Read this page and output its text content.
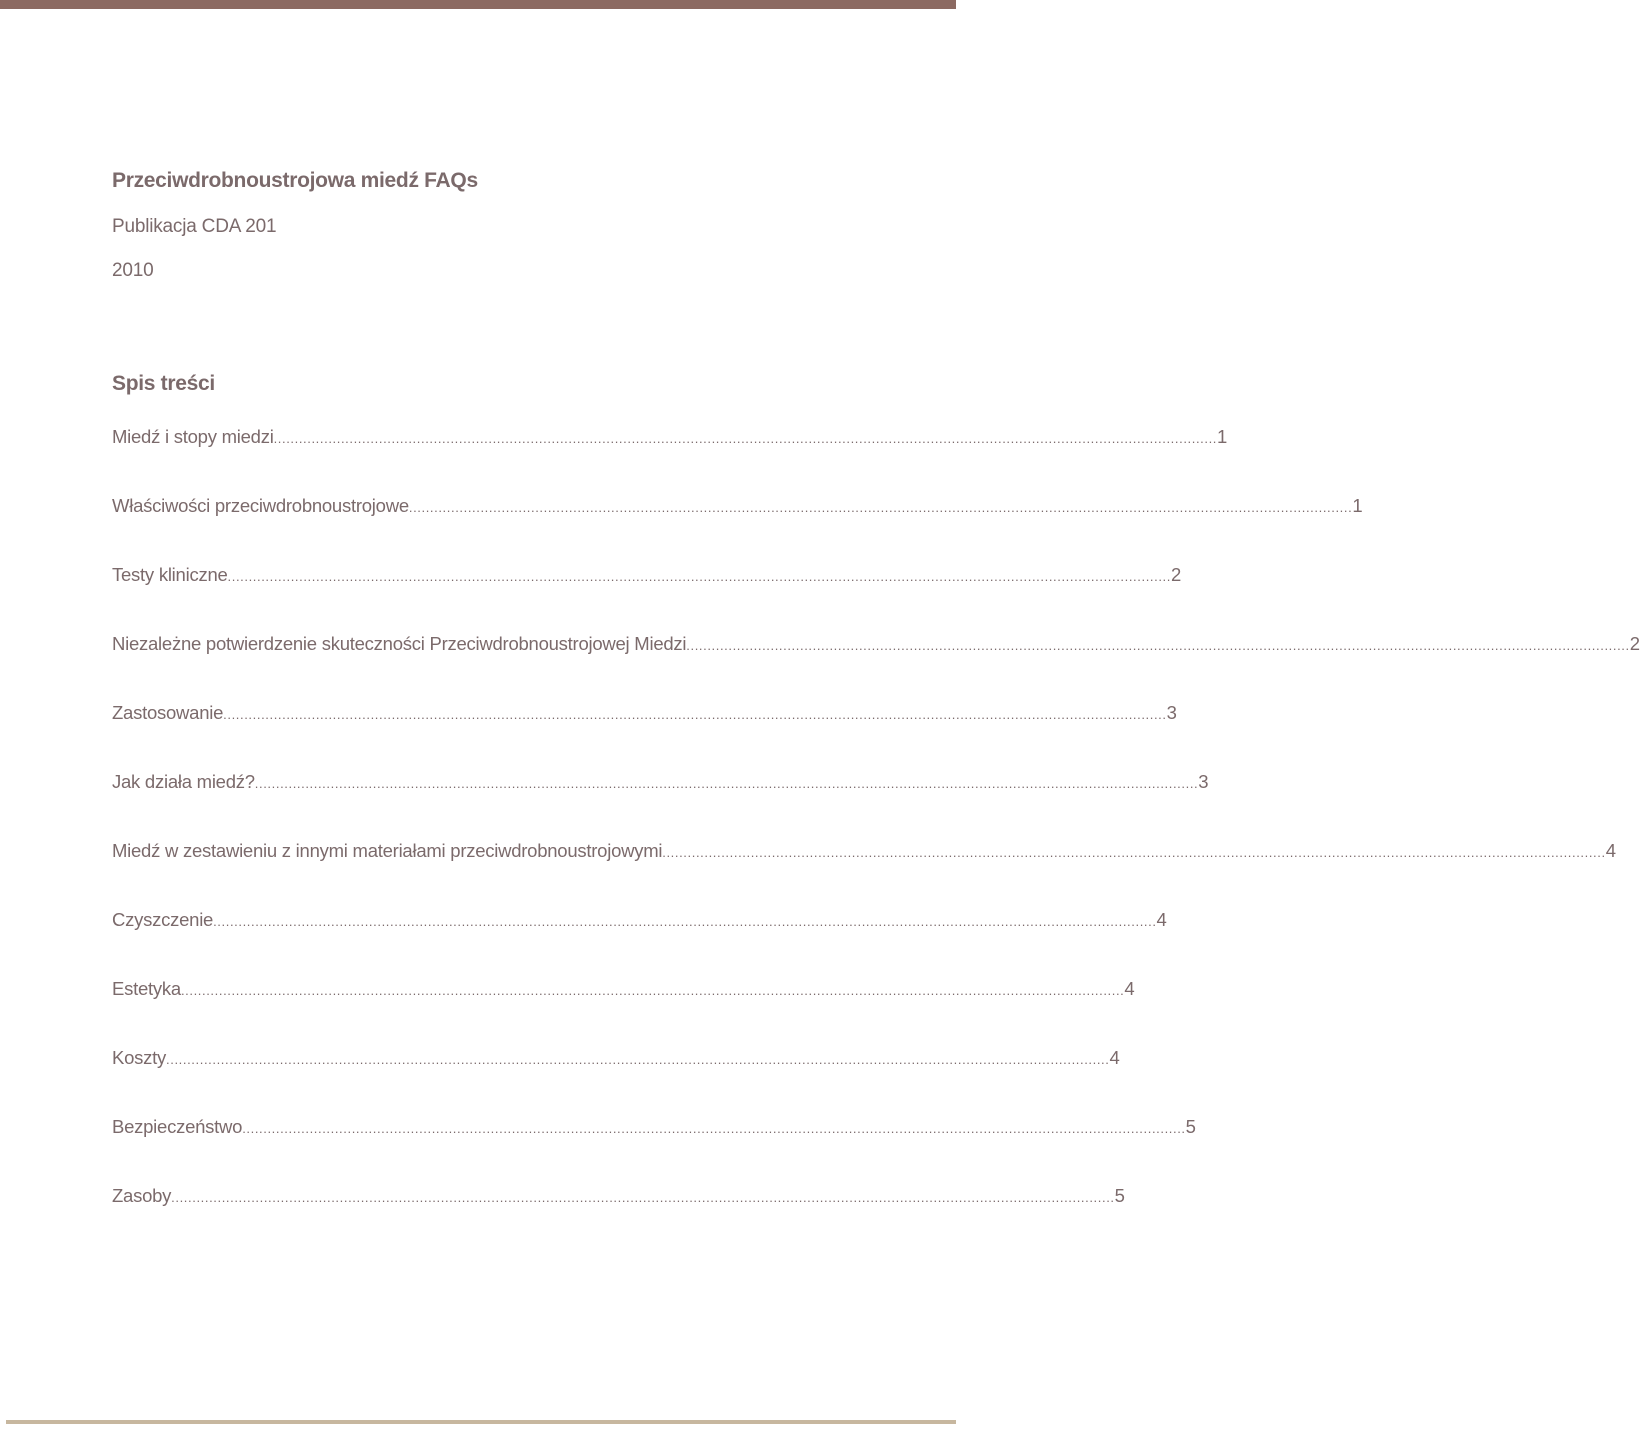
Przeciwdrobnoustrojowa miedź FAQs
Publikacja CDA 201
2010
Spis treści
Miedź i stopy miedzi ................................................................................................................................................................................................................................ 1
Właściwości przeciwdrobnoustrojowe ................................................................................................................................................................................................................................ 1
Testy kliniczne ................................................................................................................................................................................................................................ 2
Niezależne potwierdzenie skuteczności Przeciwdrobnoustrojowej Miedzi ................................................................................................................................................................................................................................ 2
Zastosowanie ................................................................................................................................................................................................................................ 3
Jak działa miedź? ................................................................................................................................................................................................................................ 3
Miedź w zestawieniu z innymi materiałami przeciwdrobnoustrojowymi ................................................................................................................................................................................................................................ 4
Czyszczenie ................................................................................................................................................................................................................................ 4
Estetyka ................................................................................................................................................................................................................................ 4
Koszty ................................................................................................................................................................................................................................ 4
Bezpieczeństwo ................................................................................................................................................................................................................................ 5
Zasoby ................................................................................................................................................................................................................................ 5
